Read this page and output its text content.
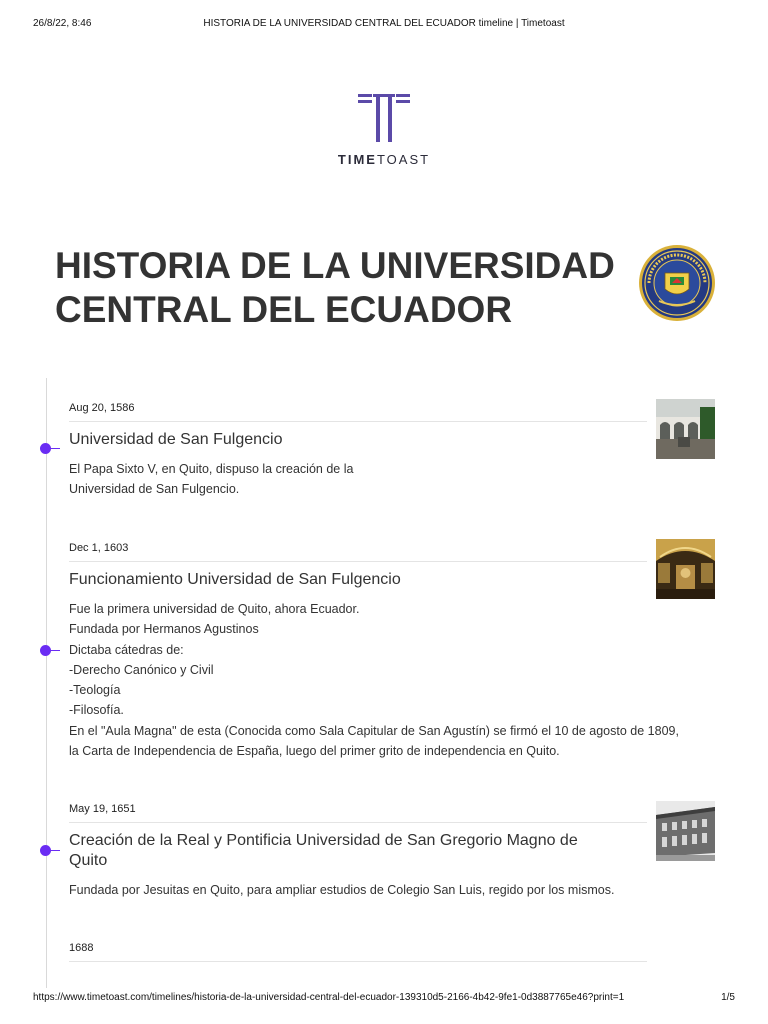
26/8/22, 8:46	HISTORIA DE LA UNIVERSIDAD CENTRAL DEL ECUADOR timeline | Timetoast
TIMETOAST
HISTORIA DE LA UNIVERSIDAD
CENTRAL DEL ECUADOR
Aug 20, 1586
Universidad de San Fulgencio
El Papa Sixto V, en Quito, dispuso la creación de la
Universidad de San Fulgencio.
Dec 1, 1603
Funcionamiento Universidad de San Fulgencio
Fue la primera universidad de Quito, ahora Ecuador.
Fundada por Hermanos Agustinos
Dictaba cátedras de:
-Derecho Canónico y Civil
-Teología
-Filosofía.
En el "Aula Magna" de esta (Conocida como Sala Capitular de San Agustín) se firmó el 10 de agosto de 1809,
la Carta de Independencia de España, luego del primer grito de independencia en Quito.
May 19, 1651
Creación de la Real y Pontificia Universidad de San Gregorio Magno de
Quito
Fundada por Jesuitas en Quito, para ampliar estudios de Colegio San Luis, regido por los mismos.
1688
https://www.timetoast.com/timelines/historia-de-la-universidad-central-del-ecuador-139310d5-2166-4b42-9fe1-0d3887765e46?print=1	1/5
